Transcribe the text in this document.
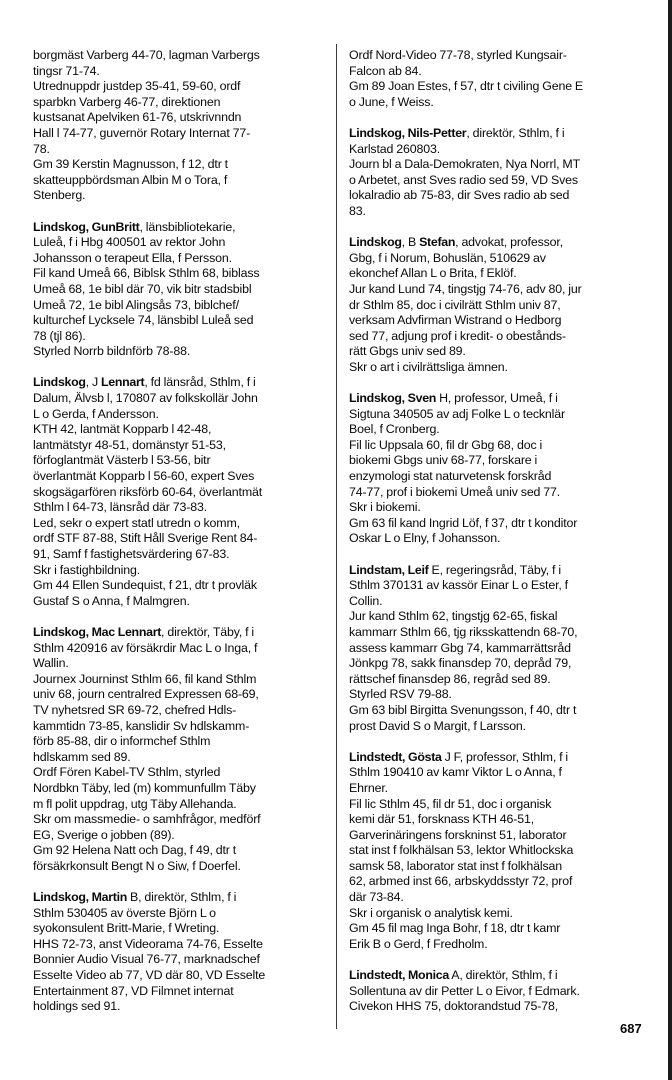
borgmäst Varberg 44-70, lagman Varbergs
tingsr 71-74.
Utrednuppdr justdep 35-41, 59-60, ordf
sparbkn Varberg 46-77, direktionen
kustsanat Apelviken 61-76, utskrivnndn
Hall l 74-77, guvernör Rotary Internat 77-
78.
Gm 39 Kerstin Magnusson, f 12, dtr t
skatteuppbördsman Albin M o Tora, f
Stenberg.
Lindskog, GunBritt, länsbibliotekarie,
Luleå, f i Hbg 400501 av rektor John
Johansson o terapeut Ella, f Persson.
Fil kand Umeå 66, Biblsk Sthlm 68, biblass
Umeå 68, 1e bibl där 70, vik bitr stadsbibl
Umeå 72, 1e bibl Alingsås 73, biblchef/
kulturchef Lycksele 74, länsbibl Luleå sed
78 (tjl 86).
Styrled Norrb bildnförb 78-88.
Lindskog, J Lennart, fd länsråd, Sthlm, f i
Dalum, Älvsb l, 170807 av folkskollär John
L o Gerda, f Andersson.
KTH 42, lantmät Kopparb l 42-48,
lantmätstyr 48-51, domänstyr 51-53,
förfoglantmät Västerb l 53-56, bitr
överlantmät Kopparb l 56-60, expert Sves
skogsägarfören riksförb 60-64, överlantmät
Sthlm l 64-73, länsråd där 73-83.
Led, sekr o expert statl utredn o komm,
ordf STF 87-88, Stift Håll Sverige Rent 84-
91, Samf f fastighetsvärdering 67-83.
Skr i fastighbildning.
Gm 44 Ellen Sundequist, f 21, dtr t provläk
Gustaf S o Anna, f Malmgren.
Lindskog, Mac Lennart, direktör, Täby, f i
Sthlm 420916 av försäkrdir Mac L o Inga, f
Wallin.
Journex Journinst Sthlm 66, fil kand Sthlm
univ 68, journ centralred Expressen 68-69,
TV nyhetsred SR 69-72, chefred Hdls-
kammtidn 73-85, kanslidir Sv hdlskamm-
förb 85-88, dir o informchef Sthlm
hdlskamm sed 89.
Ordf Fören Kabel-TV Sthlm, styrled
Nordbkn Täby, led (m) kommunfullm Täby
m fl polit uppdrag, utg Täby Allehanda.
Skr om massmedie- o samhfrågor, medförf
EG, Sverige o jobben (89).
Gm 92 Helena Natt och Dag, f 49, dtr t
försäkrkonsult Bengt N o Siw, f Doerfel.
Lindskog, Martin B, direktör, Sthlm, f i
Sthlm 530405 av överste Björn L o
syokonsulent Britt-Marie, f Wreting.
HHS 72-73, anst Videorama 74-76, Esselte
Bonnier Audio Visual 76-77, marknadschef
Esselte Video ab 77, VD där 80, VD Esselte
Entertainment 87, VD Filmnet internat
holdings sed 91.
Ordf Nord-Video 77-78, styrled Kungsair-
Falcon ab 84.
Gm 89 Joan Estes, f 57, dtr t civiling Gene E
o June, f Weiss.
Lindskog, Nils-Petter, direktör, Sthlm, f i
Karlstad 260803.
Journ bl a Dala-Demokraten, Nya Norrl, MT
o Arbetet, anst Sves radio sed 59, VD Sves
lokalradio ab 75-83, dir Sves radio ab sed
83.
Lindskog, B Stefan, advokat, professor,
Gbg, f i Norum, Bohuslän, 510629 av
ekonchef Allan L o Brita, f Eklöf.
Jur kand Lund 74, tingstjg 74-76, adv 80, jur
dr Sthlm 85, doc i civilrätt Sthlm univ 87,
verksam Advfirman Wistrand o Hedborg
sed 77, adjung prof i kredit- o obestånds-
rätt Gbgs univ sed 89.
Skr o art i civilrättsliga ämnen.
Lindskog, Sven H, professor, Umeå, f i
Sigtuna 340505 av adj Folke L o tecknlär
Boel, f Cronberg.
Fil lic Uppsala 60, fil dr Gbg 68, doc i
biokemi Gbgs univ 68-77, forskare i
enzymologi stat naturvetensk forskråd
74-77, prof i biokemi Umeå univ sed 77.
Skr i biokemi.
Gm 63 fil kand Ingrid Löf, f 37, dtr t konditor
Oskar L o Elny, f Johansson.
Lindstam, Leif E, regeringsråd, Täby, f i
Sthlm 370131 av kassör Einar L o Ester, f
Collin.
Jur kand Sthlm 62, tingstjg 62-65, fiskal
kammarr Sthlm 66, tjg riksskattendn 68-70,
assess kammarr Gbg 74, kammarrättsråd
Jönkpg 78, sakk finansdep 70, depråd 79,
rättschef finansdep 86, regråd sed 89.
Styrled RSV 79-88.
Gm 63 bibl Birgitta Svenungsson, f 40, dtr t
prost David S o Margit, f Larsson.
Lindstedt, Gösta J F, professor, Sthlm, f i
Sthlm 190410 av kamr Viktor L o Anna, f
Ehrner.
Fil lic Sthlm 45, fil dr 51, doc i organisk
kemi där 51, forsknass KTH 46-51,
Garverinäringens forskninst 51, laborator
stat inst f folkhälsan 53, lektor Whitlockska
samsk 58, laborator stat inst f folkhälsan
62, arbmed inst 66, arbskyddsstyr 72, prof
där 73-84.
Skr i organisk o analytisk kemi.
Gm 45 fil mag Inga Bohr, f 18, dtr t kamr
Erik B o Gerd, f Fredholm.
Lindstedt, Monica A, direktör, Sthlm, f i
Sollentuna av dir Petter L o Eivor, f Edmark.
Civekon HHS 75, doktorandstud 75-78,
687
